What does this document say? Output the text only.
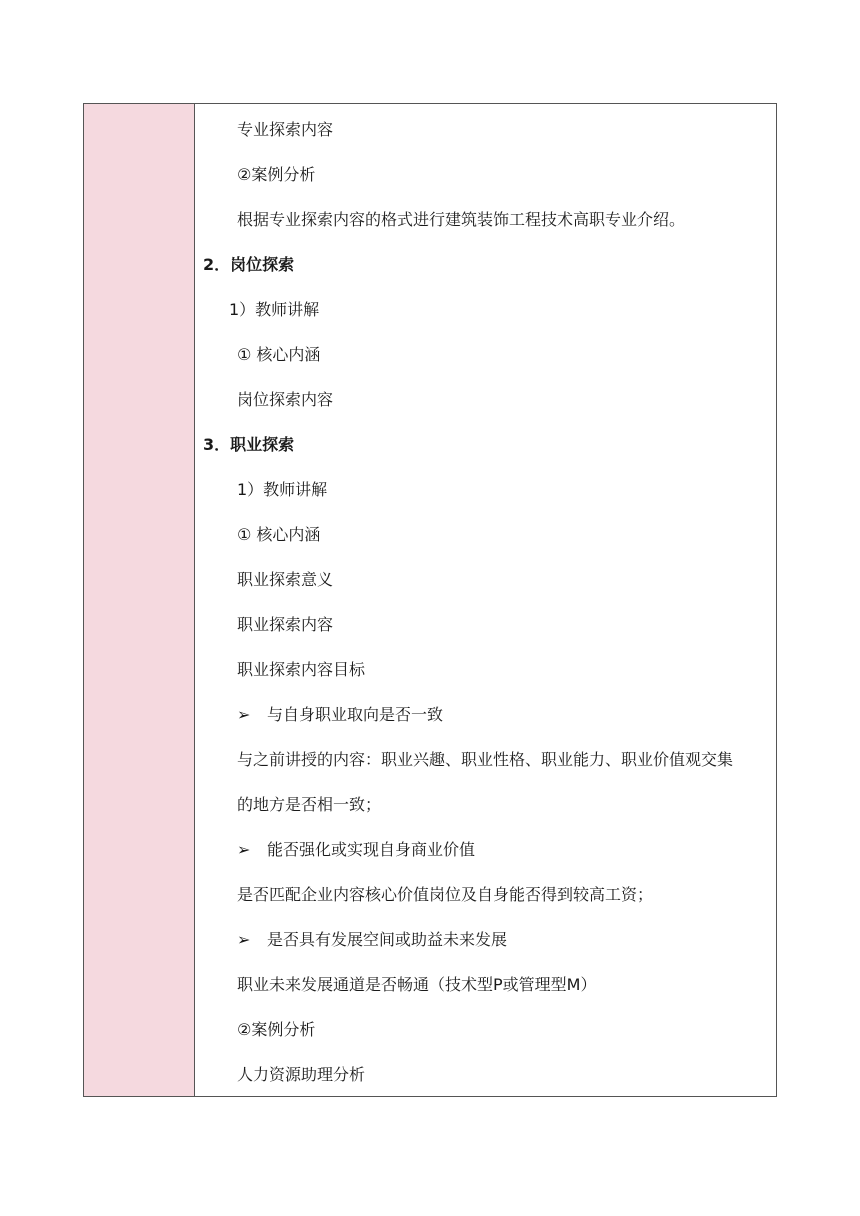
专业探索内容
②案例分析
根据专业探索内容的格式进行建筑装饰工程技术高职专业介绍。
2．岗位探索
1）教师讲解
① 核心内涵
岗位探索内容
3．职业探索
1）教师讲解
① 核心内涵
职业探索意义
职业探索内容
职业探索内容目标
➢ 与自身职业取向是否一致
与之前讲授的内容：职业兴趣、职业性格、职业能力、职业价值观交集
的地方是否相一致；
➢ 能否强化或实现自身商业价值
是否匹配企业内容核心价值岗位及自身能否得到较高工资；
➢ 是否具有发展空间或助益未来发展
职业未来发展通道是否畅通（技术型P或管理型M）
②案例分析
人力资源助理分析
